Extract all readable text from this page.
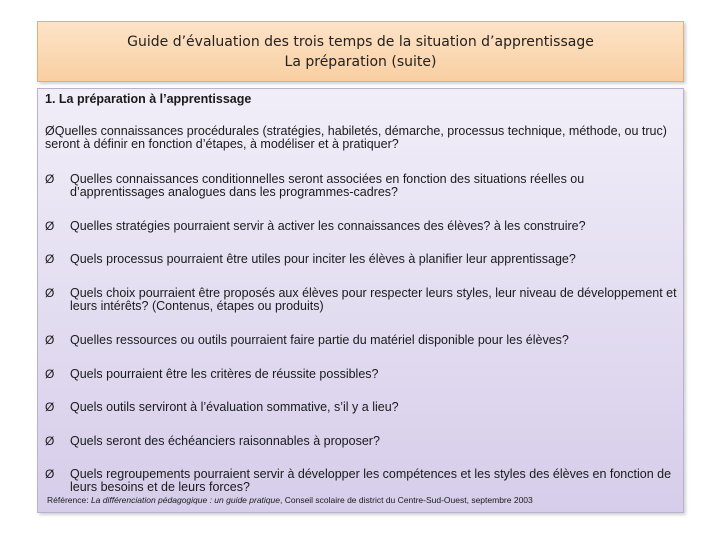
Guide d’évaluation des trois temps de la situation d’apprentissage
La préparation (suite)
1. La préparation à l’apprentissage
ØQuelles connaissances procédurales (stratégies, habiletés, démarche, processus technique, méthode, ou truc) seront à définir en fonction d’étapes, à modéliser et à pratiquer?
Ø Quelles connaissances conditionnelles seront associées en fonction des situations réelles ou d’apprentissages analogues dans les programmes-cadres?
Ø Quelles stratégies pourraient servir à activer les connaissances des élèves? à les construire?
Ø Quels processus pourraient être utiles pour inciter les élèves à planifier leur apprentissage?
Ø Quels choix pourraient être proposés aux élèves pour respecter leurs styles, leur niveau de développement et leurs intérêts? (Contenus, étapes ou produits)
Ø Quelles ressources ou outils pourraient faire partie du matériel disponible pour les élèves?
Ø Quels pourraient être les critères de réussite possibles?
Ø Quels outils serviront à l’évaluation sommative, s’il y a lieu?
Ø Quels seront des échéanciers raisonnables à proposer?
Ø Quels regroupements pourraient servir à développer les compétences et les styles des élèves en fonction de leurs besoins et de leurs forces?
Référence: La différenciation pédagogique : un guide pratique, Conseil scolaire de district du Centre-Sud-Ouest, septembre 2003
